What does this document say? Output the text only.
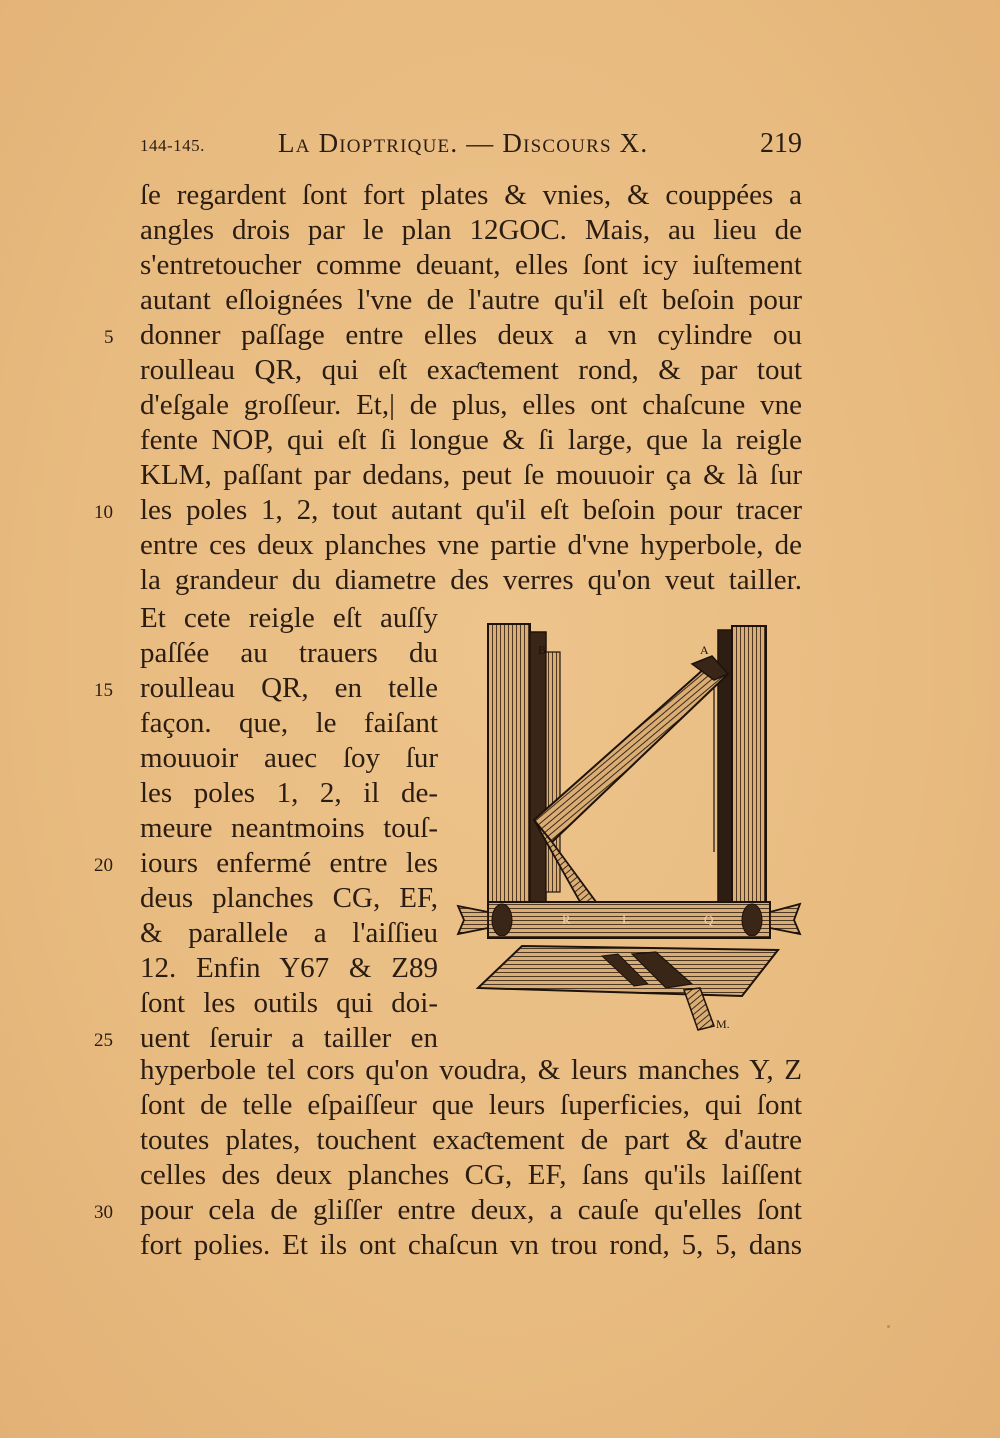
144-145.	La Dioptrique. — Discours X.	219
ſe regardent ſont fort plates & vnies, & couppées a
angles drois par le plan 12GOC. Mais, au lieu de
s'entretoucher comme deuant, elles ſont icy iuſtement
autant eſloignées l'vne de l'autre qu'il eſt beſoin pour
donner paſſage entre elles deux a vn cylindre ou
roulleau QR, qui eſt exaƈtement rond, & par tout
d'eſgale groſſeur. Et,| de plus, elles ont chaſcune vne
fente NOP, qui eſt ſi longue & ſi large, que la reigle
KLM, paſſant par dedans, peut ſe mouuoir ça & là ſur
les poles 1, 2, tout autant qu'il eſt beſoin pour tracer
entre ces deux planches vne partie d'vne hyperbole, de
la grandeur du diametre des verres qu'on veut tailler.
Et cete reigle eſt auſſy
paſſée au trauers du
roulleau QR, en telle
façon. que, le faiſant
mouuoir auec ſoy ſur
les poles 1, 2, il de-
meure neantmoins touſ-
iours enfermé entre les
deus planches CG, EF,
& parallele a l'aiſſieu
12. Enfin Y67 & Z89
ſont les outils qui doi-
uent ſeruir a tailler en
hyperbole tel cors qu'on voudra, & leurs manches Y, Z
ſont de telle eſpaiſſeur que leurs ſuperficies, qui ſont
toutes plates, touchent exaƈtement de part & d'autre
celles des deux planches CG, EF, ſans qu'ils laiſſent
pour cela de gliſſer entre deux, a cauſe qu'elles ſont
fort polies. Et ils ont chaſcun vn trou rond, 5, 5, dans
5
10
15
20
25
30
B	A
R	L	Q
M.
